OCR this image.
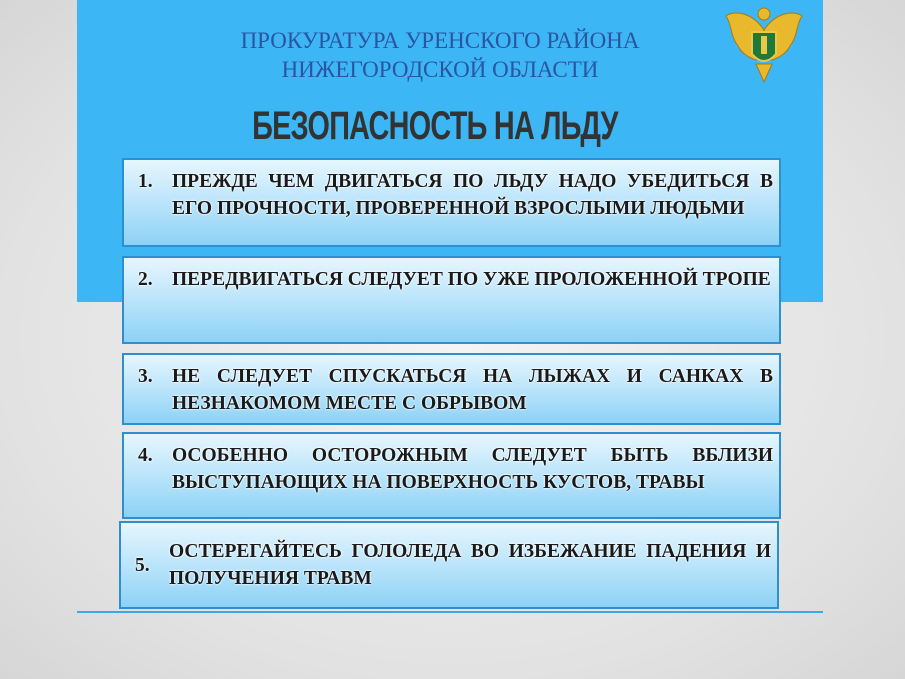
ПРОКУРАТУРА УРЕНСКОГО РАЙОНА
НИЖЕГОРОДСКОЙ ОБЛАСТИ
БЕЗОПАСНОСТЬ НА ЛЬДУ
1. ПРЕЖДЕ ЧЕМ ДВИГАТЬСЯ ПО ЛЬДУ НАДО УБЕДИТЬСЯ В ЕГО ПРОЧНОСТИ, ПРОВЕРЕННОЙ ВЗРОСЛЫМИ ЛЮДЬМИ
2. ПЕРЕДВИГАТЬСЯ СЛЕДУЕТ ПО УЖЕ ПРОЛОЖЕННОЙ ТРОПЕ
3. НЕ СЛЕДУЕТ СПУСКАТЬСЯ НА ЛЫЖАХ И САНКАХ В НЕЗНАКОМОМ МЕСТЕ С ОБРЫВОМ
4. ОСОБЕННО ОСТОРОЖНЫМ СЛЕДУЕТ БЫТЬ ВБЛИЗИ ВЫСТУПАЮЩИХ НА ПОВЕРХНОСТЬ КУСТОВ, ТРАВЫ
5.
ОСТЕРЕГАЙТЕСЬ ГОЛОЛЕДА ВО ИЗБЕЖАНИЕ ПАДЕНИЯ И ПОЛУЧЕНИЯ ТРАВМ
